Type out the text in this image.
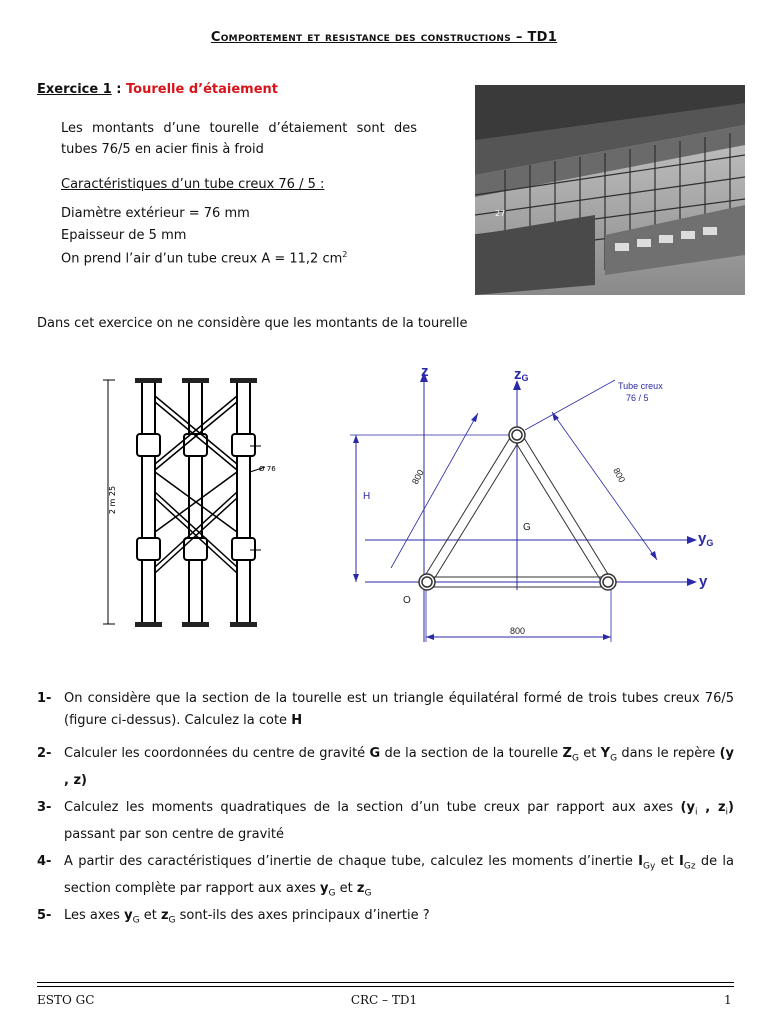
Comportement et resistance des constructions – TD1
Exercice 1 : Tourelle d’étaiement
Les montants d’une tourelle d’étaiement sont des tubes 76/5 en acier finis à froid
Caractéristiques d’un tube creux 76 / 5 :
Diamètre extérieur = 76 mm
Epaisseur de 5 mm
On prend l’air d’un tube creux A = 11,2 $cm^2$
27
Dans cet exercice on ne considère que les montants de la tourelle
2 m 25
Ø 76
z	zG
$y_G$
y
H
800
800	800
Tube creux
76 / 5
G
O
1- On considère que la section de la tourelle est un triangle équilatéral formé de trois tubes creux 76/5 (figure ci-dessus). Calculez la cote H
2- Calculer les coordonnées du centre de gravité G de la section de la tourelle $Z_G$ et $Y_G$ dans le repère (y , z)
3- Calculez les moments quadratiques de la section d’un tube creux par rapport aux axes ($y_i$ , $z_i$) passant par son centre de gravité
4- A partir des caractéristiques d’inertie de chaque tube, calculez les moments d’inertie $I_{Gy}$ et $I_{Gz}$ de la section complète par rapport aux axes $y_G$ et $z_G$
5- Les axes $y_G$ et $z_G$ sont-ils des axes principaux d’inertie ?
ESTO GC	CRC – TD1	1
